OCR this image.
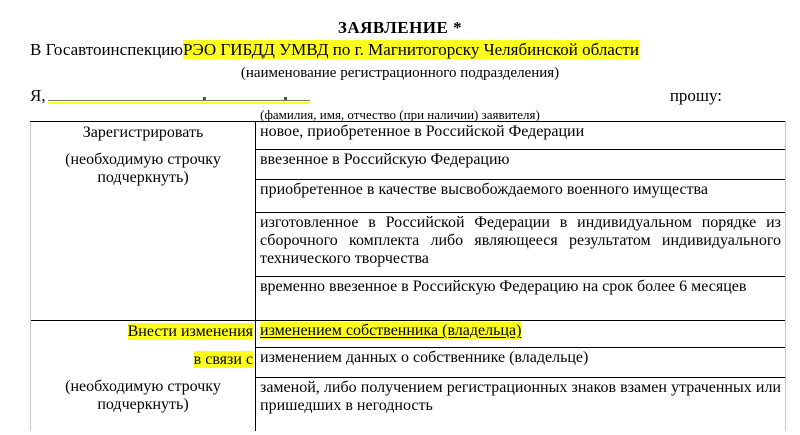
ЗАЯВЛЕНИЕ *
В ГосавтоинспекциюРЭО ГИБДД УМВД по г. Магнитогорску Челябинской области
(наименование регистрационного подразделения)
Я,	прошу:
(фамилия, имя, отчество (при наличии) заявителя)
Зарегистрировать
(необходимую строчку подчеркнуть)	новое, приобретенное в Российской Федерации
	ввезенное в Российскую Федерацию
	приобретенное в качестве высвобождаемого военного имущества
	изготовленное в Российской Федерации в индивидуальном порядке из сборочного комплекта либо являющееся результатом индивидуального технического творчества
	временно ввезенное в Российскую Федерацию на срок более 6 месяцев

Внести изменения
в связи с
(необходимую строчку подчеркнуть)	изменением собственника (владельца)
	изменением данных о собственнике (владельце)
	заменой, либо получением регистрационных знаков взамен утраченных или пришедших в негодность
